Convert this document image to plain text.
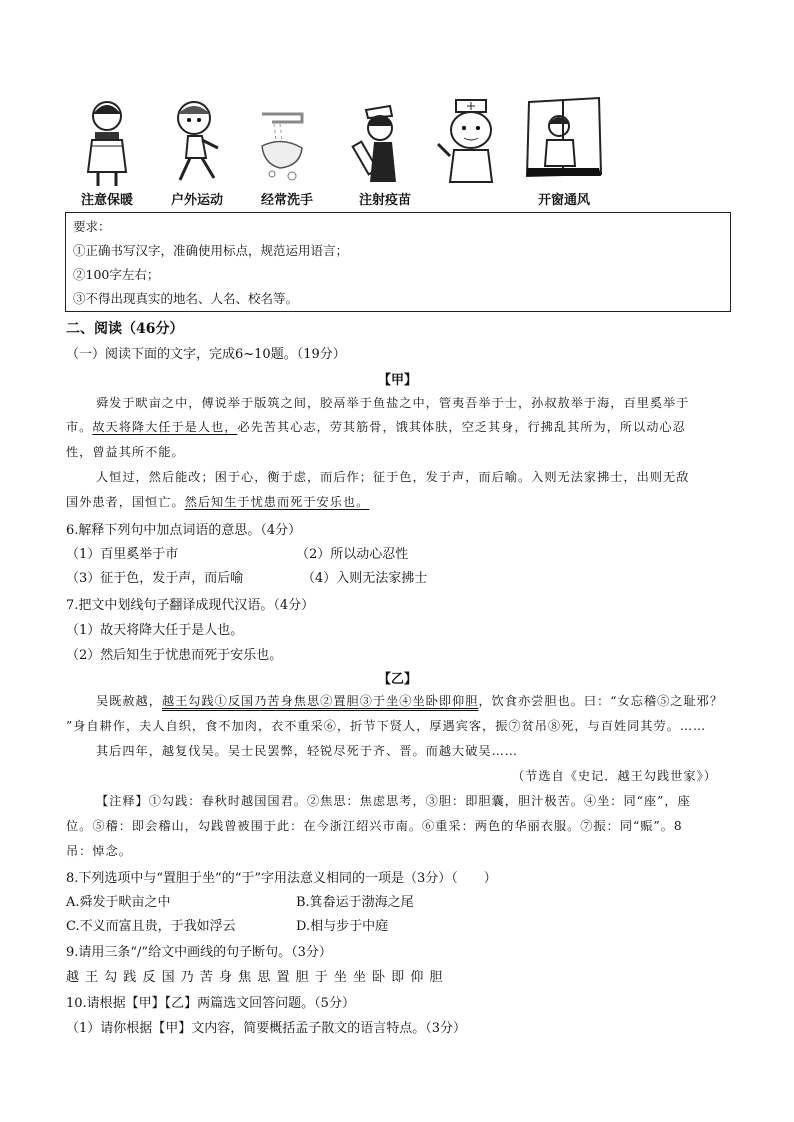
注意保暖	户外运动	经常洗手	注射疫苗	开窗通风
要求：
①正确书写汉字，准确使用标点，规范运用语言；
②100字左右；
③不得出现真实的地名、人名、校名等。
二、阅读（46分）
（一）阅读下面的文字，完成6~10题。（19分）
【甲】
舜发于畎亩之中，傅说举于版筑之间，胶鬲举于鱼盐之中，管夷吾举于士，孙叔敖举于海，百里奚举于
市。故天将降大任于是人也，必先苦其心志，劳其筋骨，饿其体肤，空乏其身，行拂乱其所为，所以动心忍
性，曾益其所不能。
人恒过，然后能改；困于心，衡于虑，而后作；征于色，发于声，而后喻。入则无法家拂士，出则无敌
国外患者，国恒亡。然后知生于忧患而死于安乐也。
6.解释下列句中加点词语的意思。（4分）
（1）百里奚举于市	（2）所以动心忍性
（3）征于色，发于声，而后喻	（4）入则无法家拂士
7.把文中划线句子翻译成现代汉语。（4分）
（1）故天将降大任于是人也。
（2）然后知生于忧患而死于安乐也。
【乙】
吴既赦越，越王勾践①反国乃苦身焦思②置胆③于坐④坐卧即仰胆，饮食亦尝胆也。曰：“女忘稽⑤之耻邪？
”身自耕作，夫人自织，食不加肉，衣不重采⑥，折节下贤人，厚遇宾客，振⑦贫吊⑧死，与百姓同其劳。……
其后四年，越复伐吴。吴士民罢弊，轻锐尽死于齐、晋。而越大破吴……
（节选自《史记．越王勾践世家》）
【注释】①勾践：春秋时越国国君。②焦思：焦虑思考，③胆：即胆囊，胆汁极苦。④坐：同“座”，座
位。⑤稽：即会稽山，勾践曾被围于此：在今浙江绍兴市南。⑥重采：两色的华丽衣服。⑦振：同“赈”。8
吊：悼念。
8.下列选项中与“置胆于坐”的“于”字用法意义相同的一项是（3分）（　　）
A.舜发于畎亩之中	B.箕畚运于渤海之尾
C.不义而富且贵，于我如浮云	D.相与步于中庭
9.请用三条“/”给文中画线的句子断句。（3分）
越 王 勾 践 反 国 乃 苦 身 焦 思 置 胆 于 坐 坐 卧 即 仰 胆
10.请根据【甲】【乙】两篇选文回答问题。（5分）
（1）请你根据【甲】文内容，简要概括孟子散文的语言特点。（3分）
